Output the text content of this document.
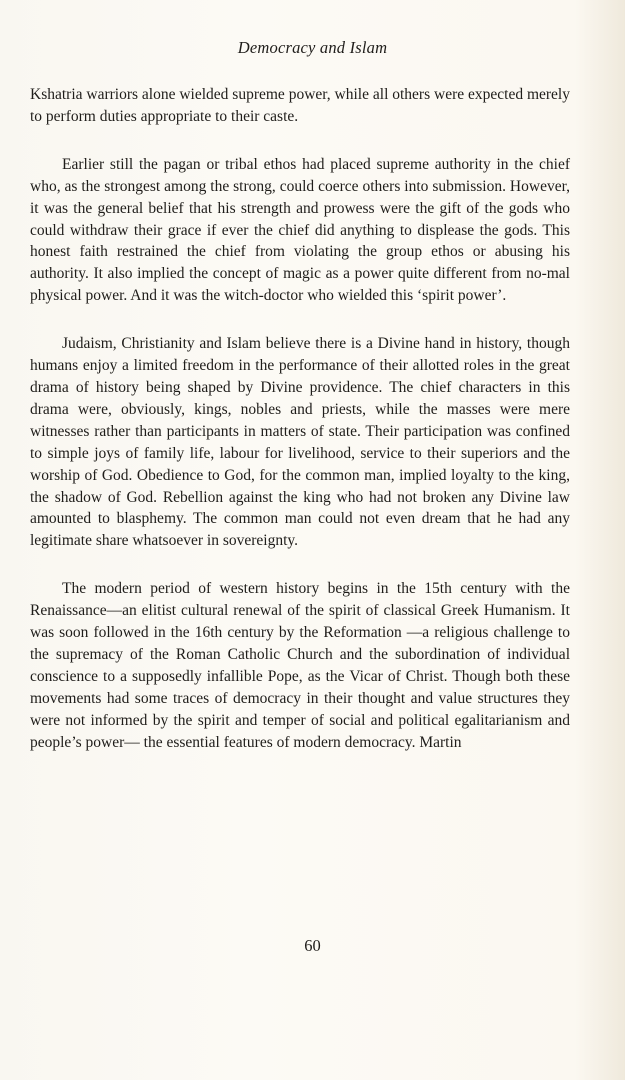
Democracy and Islam

Kshatria warriors alone wielded supreme power, while all others were expected merely to perform duties appropriate to their caste.

Earlier still the pagan or tribal ethos had placed supreme authority in the chief who, as the strongest among the strong, could coerce others into submission. However, it was the general belief that his strength and prowess were the gift of the gods who could withdraw their grace if ever the chief did anything to displease the gods. This honest faith restrained the chief from violating the group ethos or abusing his authority. It also implied the concept of magic as a power quite different from no-mal physical power. And it was the witch-doctor who wielded this ‘spirit power’.

Judaism, Christianity and Islam believe there is a Divine hand in history, though humans enjoy a limited freedom in the performance of their allotted roles in the great drama of history being shaped by Divine providence. The chief characters in this drama were, obviously, kings, nobles and priests, while the masses were mere witnesses rather than participants in matters of state. Their participation was confined to simple joys of family life, labour for livelihood, service to their superiors and the worship of God. Obedience to God, for the common man, implied loyalty to the king, the shadow of God. Rebellion against the king who had not broken any Divine law amounted to blasphemy. The common man could not even dream that he had any legitimate share whatsoever in sovereignty.

The modern period of western history begins in the 15th century with the Renaissance—an elitist cultural renewal of the spirit of classical Greek Humanism. It was soon followed in the 16th century by the Reformation —a religious challenge to the supremacy of the Roman Catholic Church and the subordination of individual conscience to a supposedly infallible Pope, as the Vicar of Christ. Though both these movements had some traces of democracy in their thought and value structures they were not informed by the spirit and temper of social and political egalitarianism and people’s power— the essential features of modern democracy. Martin

60
